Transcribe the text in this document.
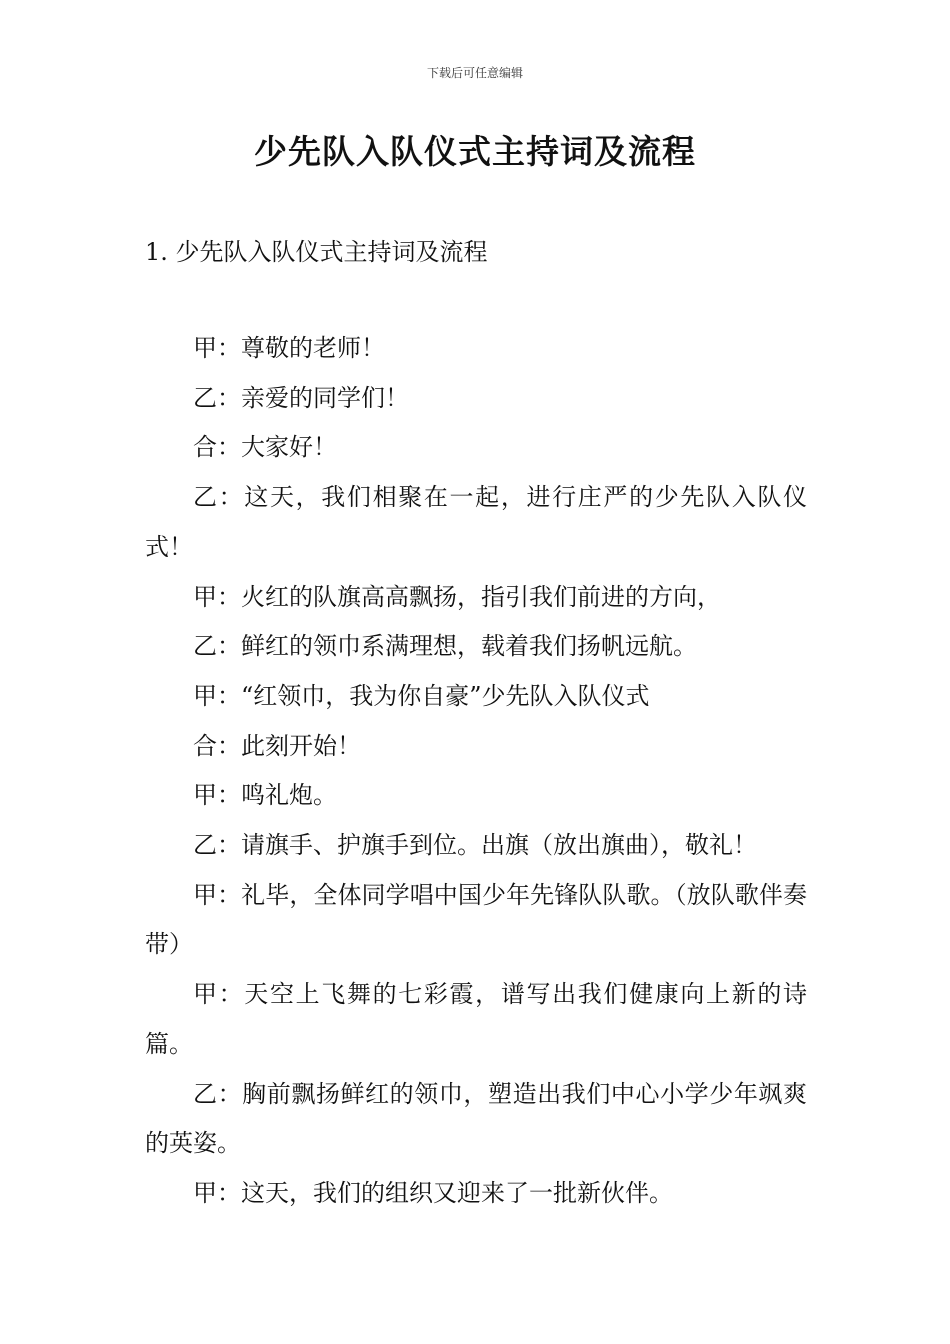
下载后可任意编辑
少先队入队仪式主持词及流程
1. 少先队入队仪式主持词及流程

甲：尊敬的老师！

乙：亲爱的同学们！

合：大家好！

乙：这天，我们相聚在一起，进行庄严的少先队入队仪式！

甲：火红的队旗高高飘扬，指引我们前进的方向，

乙：鲜红的领巾系满理想，载着我们扬帆远航。

甲：“红领巾，我为你自豪”少先队入队仪式

合：此刻开始！

甲：鸣礼炮。

乙：请旗手、护旗手到位。出旗（放出旗曲），敬礼！

甲：礼毕，全体同学唱中国少年先锋队队歌。（放队歌伴奏带）

甲：天空上飞舞的七彩霞，谱写出我们健康向上新的诗篇。

乙：胸前飘扬鲜红的领巾，塑造出我们中心小学少年飒爽的英姿。

甲：这天，我们的组织又迎来了一批新伙伴。
